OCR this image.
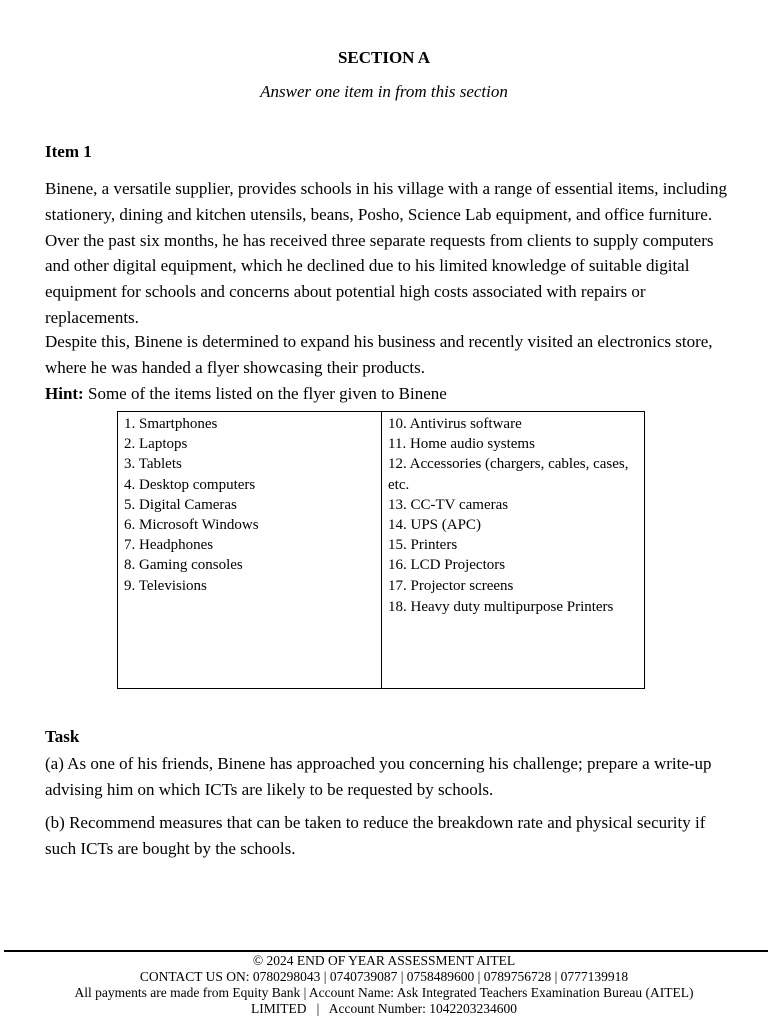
SECTION A
Answer one item in from this section
Item 1

Binene, a versatile supplier, provides schools in his village with a range of essential items, including stationery, dining and kitchen utensils, beans, Posho, Science Lab equipment, and office furniture. Over the past six months, he has received three separate requests from clients to supply computers and other digital equipment, which he declined due to his limited knowledge of suitable digital equipment for schools and concerns about potential high costs associated with repairs or replacements.

Despite this, Binene is determined to expand his business and recently visited an electronics store, where he was handed a flyer showcasing their products.

Hint: Some of the items listed on the flyer given to Binene

1. Smartphones
2. Laptops
3. Tablets
4. Desktop computers
5. Digital Cameras
6. Microsoft Windows
7. Headphones
8. Gaming consoles
9. Televisions
10. Antivirus software
11. Home audio systems
12. Accessories (chargers, cables, cases, etc.
13. CC-TV cameras
14. UPS (APC)
15. Printers
16. LCD Projectors
17. Projector screens
18. Heavy duty multipurpose Printers
Task

(a) As one of his friends, Binene has approached you concerning his challenge; prepare a write-up advising him on which ICTs are likely to be requested by schools.

(b) Recommend measures that can be taken to reduce the breakdown rate and physical security if such ICTs are bought by the schools.

© 2024 END OF YEAR ASSESSMENT AITEL
CONTACT US ON: 0780298043 | 0740739087 | 0758489600 | 0789756728 | 0777139918
All payments are made from Equity Bank | Account Name: Ask Integrated Teachers Examination Bureau (AITEL)
LIMITED   |   Account Number: 1042203234600
